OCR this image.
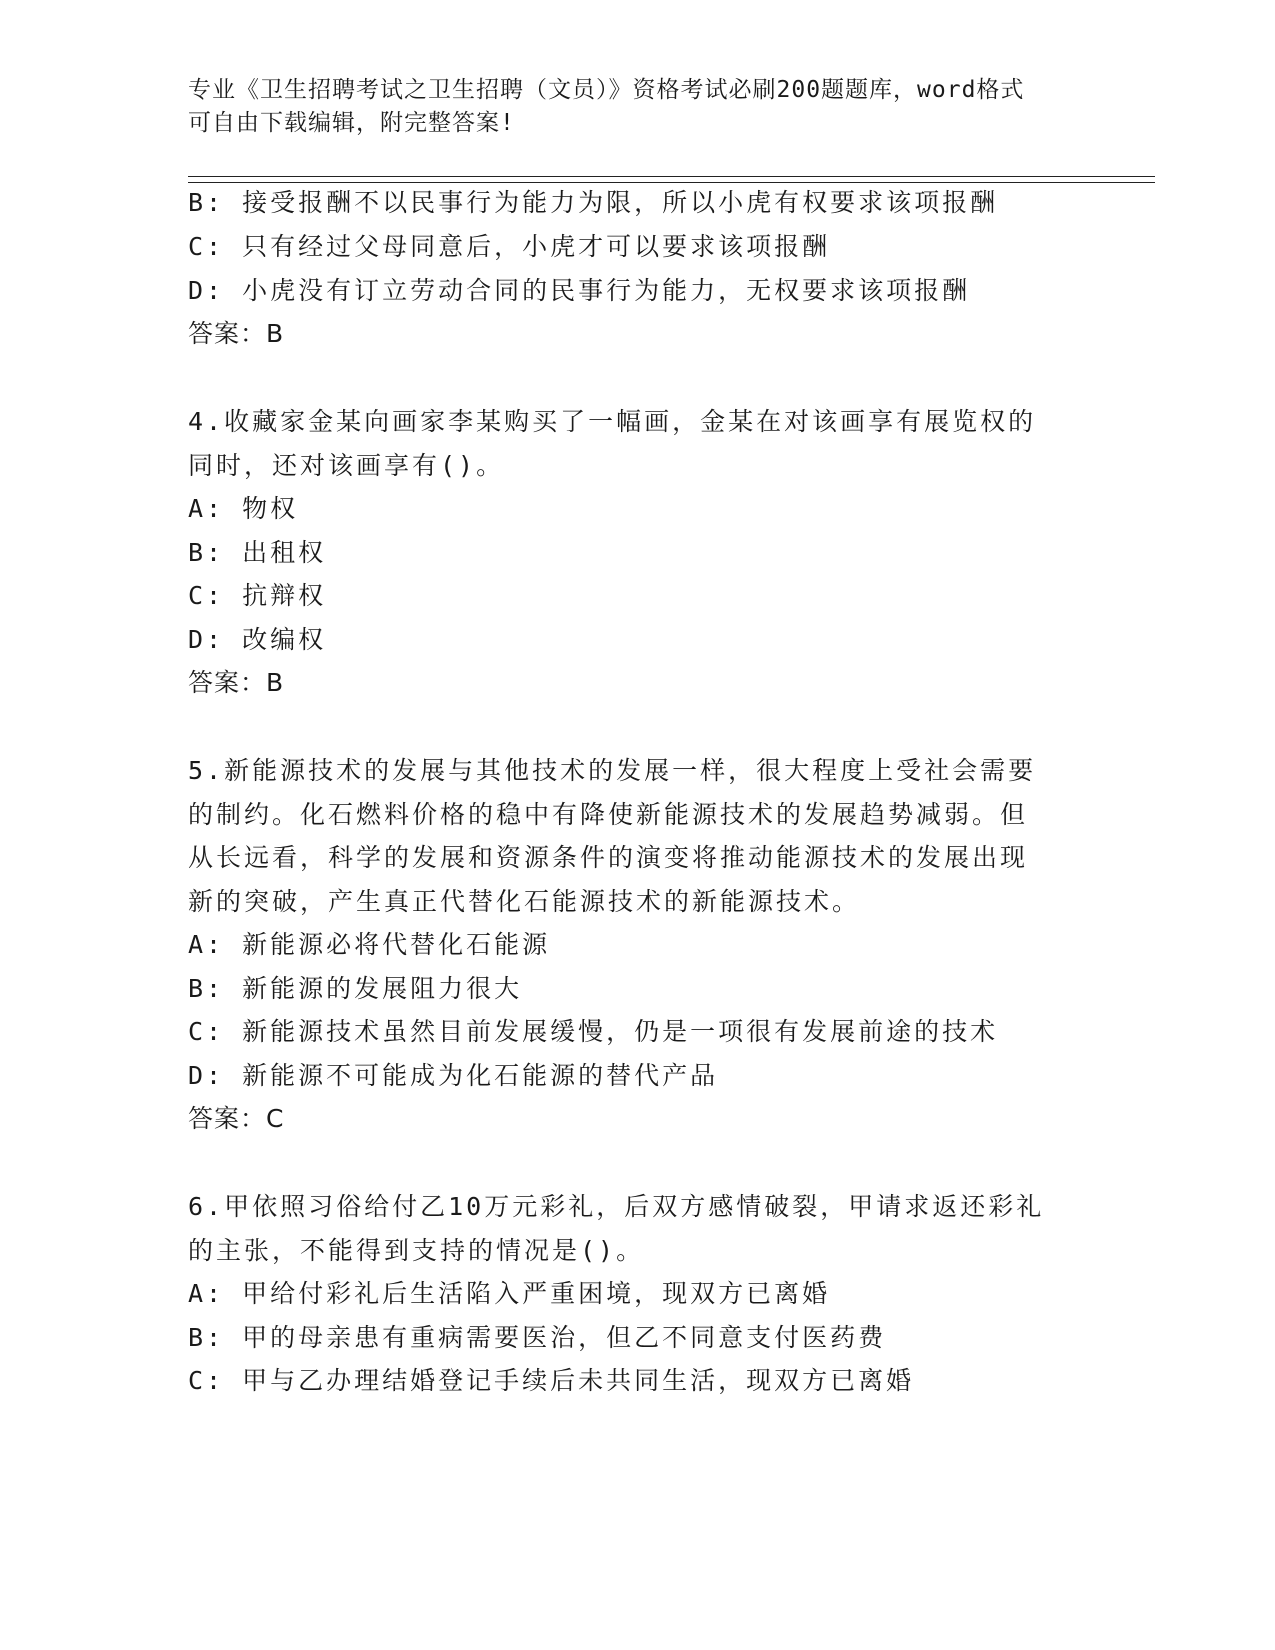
专业《卫生招聘考试之卫生招聘（文员）》资格考试必刷200题题库，word格式
可自由下载编辑，附完整答案!
B: 接受报酬不以民事行为能力为限，所以小虎有权要求该项报酬
C: 只有经过父母同意后，小虎才可以要求该项报酬
D: 小虎没有订立劳动合同的民事行为能力，无权要求该项报酬
答案：B
4.收藏家金某向画家李某购买了一幅画，金某在对该画享有展览权的
同时，还对该画享有()。
A: 物权
B: 出租权
C: 抗辩权
D: 改编权
答案：B
5.新能源技术的发展与其他技术的发展一样，很大程度上受社会需要
的制约。化石燃料价格的稳中有降使新能源技术的发展趋势减弱。但
从长远看，科学的发展和资源条件的演变将推动能源技术的发展出现
新的突破，产生真正代替化石能源技术的新能源技术。
A: 新能源必将代替化石能源
B: 新能源的发展阻力很大
C: 新能源技术虽然目前发展缓慢，仍是一项很有发展前途的技术
D: 新能源不可能成为化石能源的替代产品
答案：C
6.甲依照习俗给付乙10万元彩礼，后双方感情破裂，甲请求返还彩礼
的主张，不能得到支持的情况是()。
A: 甲给付彩礼后生活陷入严重困境，现双方已离婚
B: 甲的母亲患有重病需要医治，但乙不同意支付医药费
C: 甲与乙办理结婚登记手续后未共同生活，现双方已离婚
